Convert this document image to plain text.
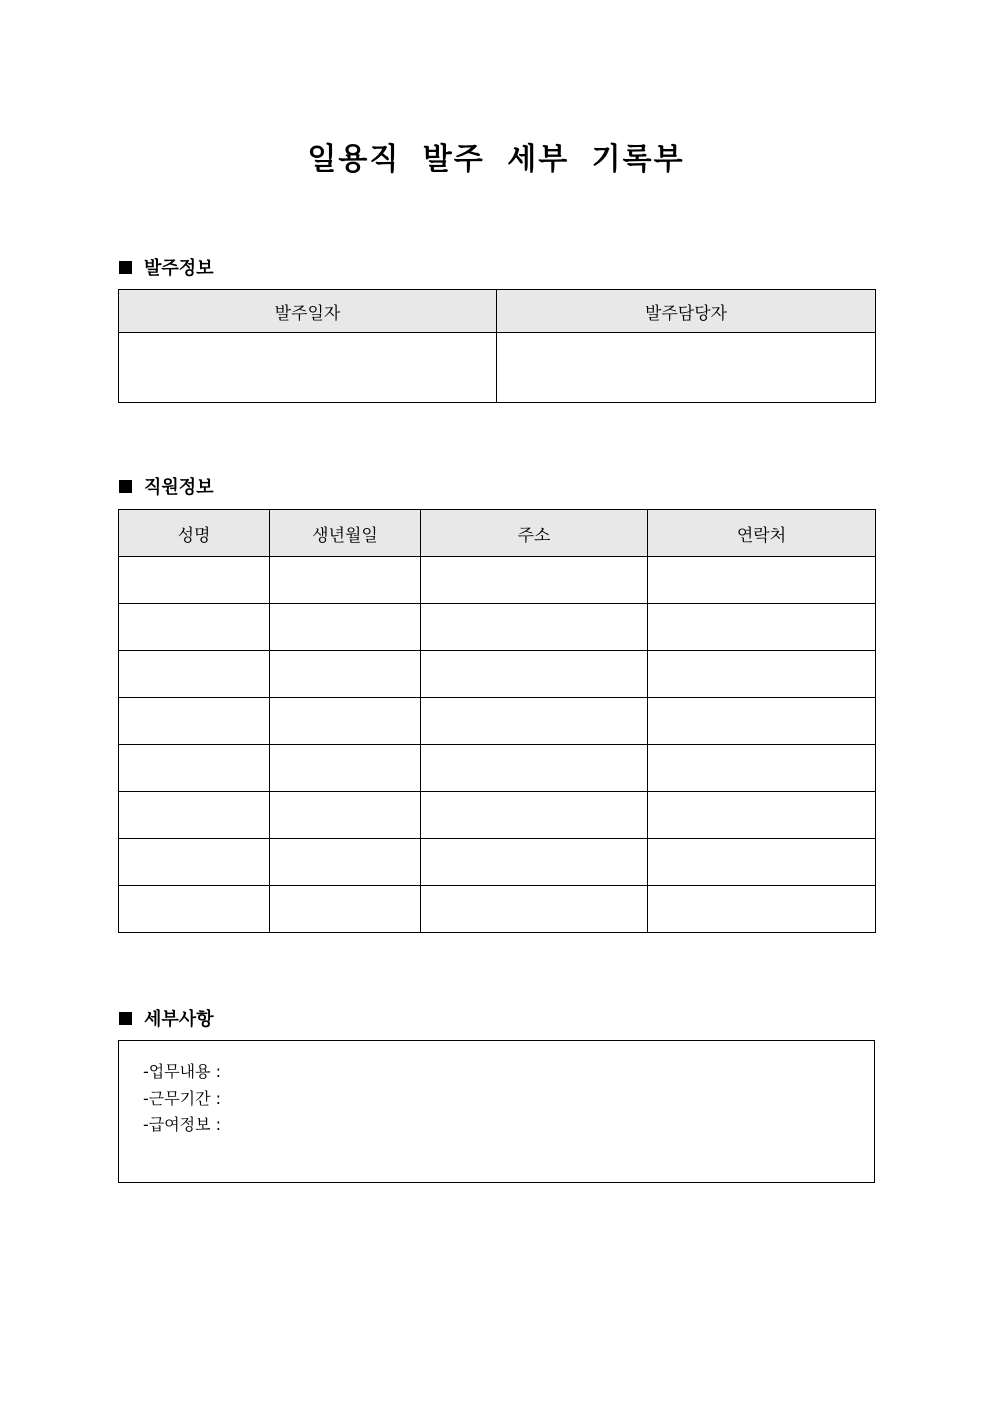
일용직 발주 세부 기록부
발주정보
발주일자	발주담당자

직원정보
성명	생년월일	주소	연락처

세부사항
-업무내용 :
-근무기간 :
-급여정보 :
